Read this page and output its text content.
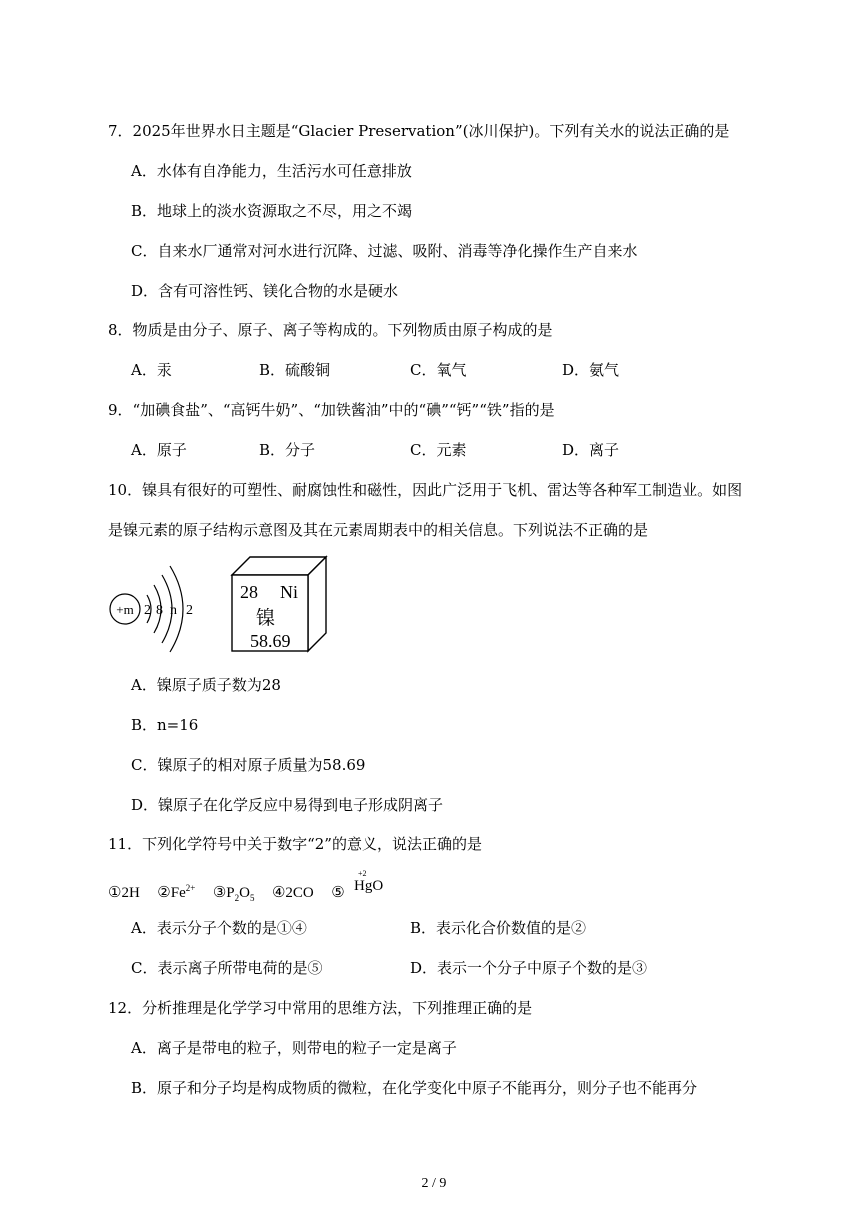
7．2025年世界水日主题是“Glacier Preservation”(冰川保护)。下列有关水的说法正确的是
A．水体有自净能力，生活污水可任意排放
B．地球上的淡水资源取之不尽，用之不竭
C．自来水厂通常对河水进行沉降、过滤、吸附、消毒等净化操作生产自来水
D．含有可溶性钙、镁化合物的水是硬水
8．物质是由分子、原子、离子等构成的。下列物质由原子构成的是
A．汞	B．硫酸铜	C．氧气	D．氨气
9．“加碘食盐”、“高钙牛奶”、“加铁酱油”中的“碘”“钙”“铁”指的是
A．原子	B．分子	C．元素	D．离子
10．镍具有很好的可塑性、耐腐蚀性和磁性，因此广泛用于飞机、雷达等各种军工制造业。如图
是镍元素的原子结构示意图及其在元素周期表中的相关信息。下列说法不正确的是
+m 2 8 n 2
28 Ni
镍
58.69
A．镍原子质子数为28
B．n=16
C．镍原子的相对原子质量为58.69
D．镍原子在化学反应中易得到电子形成阴离子
11．下列化学符号中关于数字“2”的意义，说法正确的是
①2H $②Fe^{2+}$ $③P_2O_5$ ④2CO ⑤
+2
HgO
A．表示分子个数的是①④	B．表示化合价数值的是②
C．表示离子所带电荷的是⑤	D．表示一个分子中原子个数的是③
12．分析推理是化学学习中常用的思维方法，下列推理正确的是
A．离子是带电的粒子，则带电的粒子一定是离子
B．原子和分子均是构成物质的微粒，在化学变化中原子不能再分，则分子也不能再分
2 / 9
